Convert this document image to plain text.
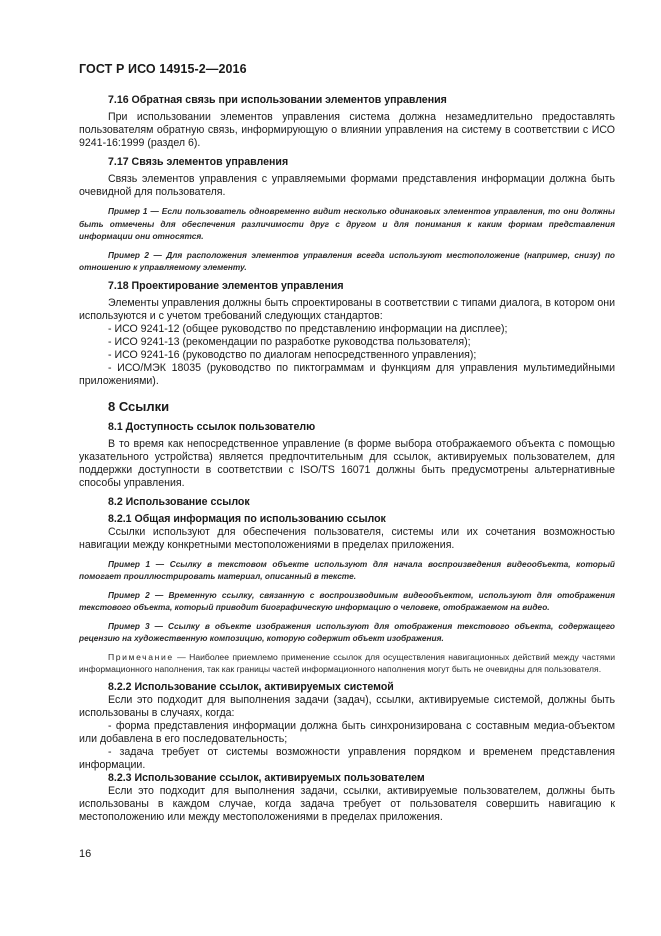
ГОСТ Р ИСО 14915-2—2016
7.16 Обратная связь при использовании элементов управления

При использовании элементов управления система должна незамедлительно предоставлять пользователям обратную связь, информирующую о влиянии управления на систему в соответствии с ИСО 9241-16:1999 (раздел 6).

7.17 Связь элементов управления

Связь элементов управления с управляемыми формами представления информации должна быть очевидной для пользователя.

Пример 1 — Если пользователь одновременно видит несколько одинаковых элементов управления, то они должны быть отмечены для обеспечения различимости друг с другом и для понимания к каким формам представления информации они относятся.

Пример 2 — Для расположения элементов управления всегда используют местоположение (например, снизу) по отношению к управляемому элементу.

7.18 Проектирование элементов управления

Элементы управления должны быть спроектированы в соответствии с типами диалога, в котором они используются и с учетом требований следующих стандартов:

- ИСО 9241-12 (общее руководство по представлению информации на дисплее);

- ИСО 9241-13 (рекомендации по разработке руководства пользователя);

- ИСО 9241-16 (руководство по диалогам непосредственного управления);

- ИСО/МЭК 18035 (руководство по пиктограммам и функциям для управления мультимедийными приложениями).

8 Ссылки
8.1 Доступность ссылок пользователю

В то время как непосредственное управление (в форме выбора отображаемого объекта с помощью указательного устройства) является предпочтительным для ссылок, активируемых пользователем, для поддержки доступности в соответствии с ISO/TS 16071 должны быть предусмотрены альтернативные способы управления.

8.2 Использование ссылок
8.2.1 Общая информация по использованию ссылок

Ссылки используют для обеспечения пользователя, системы или их сочетания возможностью навигации между конкретными местоположениями в пределах приложения.

Пример 1 — Ссылку в текстовом объекте используют для начала воспроизведения видеообъекта, который помогает проиллюстрировать материал, описанный в тексте.

Пример 2 — Временную ссылку, связанную с воспроизводимым видеообъектом, используют для отображения текстового объекта, который приводит биографическую информацию о человеке, отображаемом на видео.

Пример 3 — Ссылку в объекте изображения используют для отображения текстового объекта, содержащего рецензию на художественную композицию, которую содержит объект изображения.

Примечание — Наиболее приемлемо применение ссылок для осуществления навигационных действий между частями информационного наполнения, так как границы частей информационного наполнения могут быть не очевидны для пользователя.

8.2.2 Использование ссылок, активируемых системой

Если это подходит для выполнения задачи (задач), ссылки, активируемые системой, должны быть использованы в случаях, когда:

- форма представления информации должна быть синхронизирована с составным медиа-объектом или добавлена в его последовательность;

- задача требует от системы возможности управления порядком и временем представления информации.

8.2.3 Использование ссылок, активируемых пользователем

Если это подходит для выполнения задачи, ссылки, активируемые пользователем, должны быть использованы в каждом случае, когда задача требует от пользователя совершить навигацию к местоположению или между местоположениями в пределах приложения.

16
